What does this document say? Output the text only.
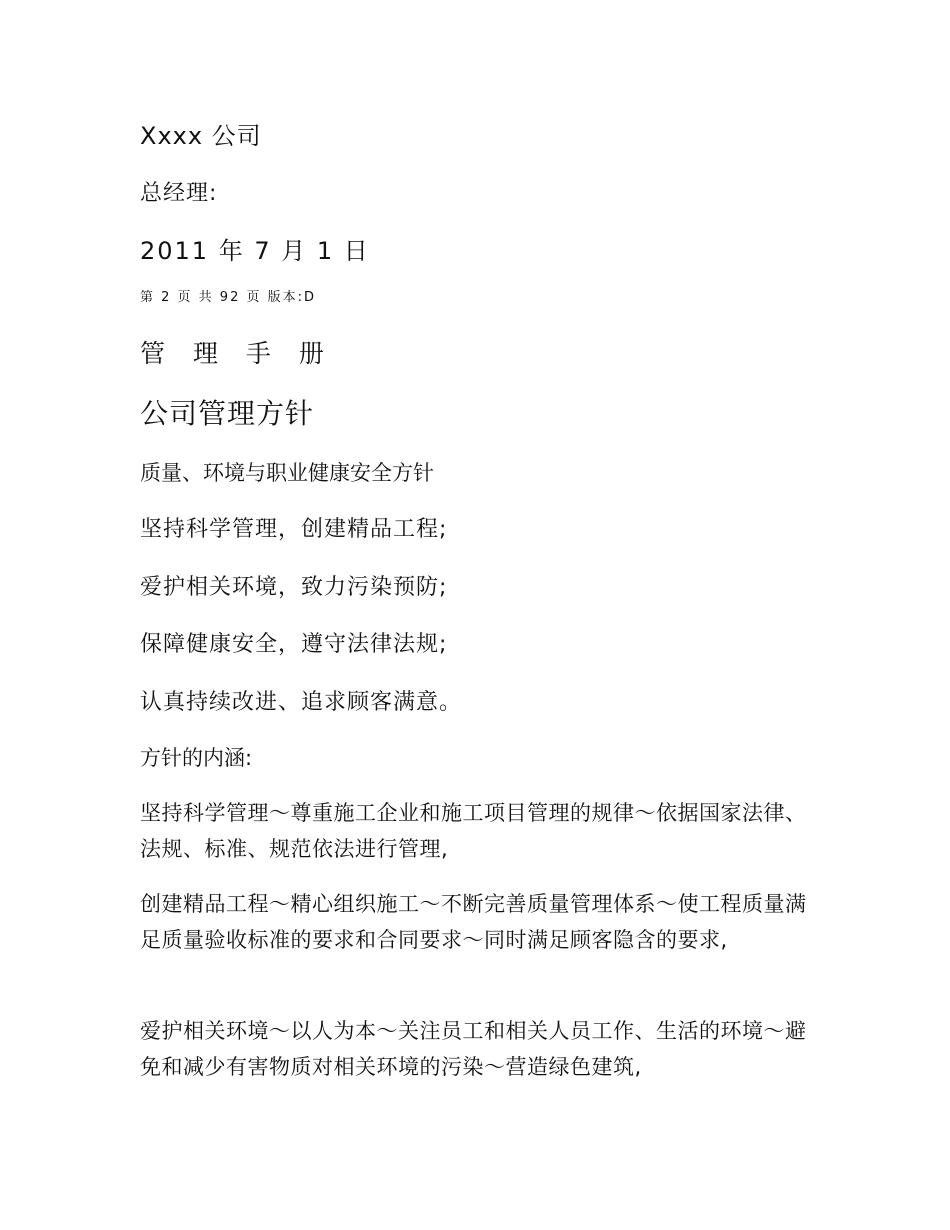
Xxxx 公司

总经理:

2011 年 7 月 1 日

第 2 页 共 92 页 版本:D

管 理 手 册

公司管理方针

质量、环境与职业健康安全方针

坚持科学管理，创建精品工程;

爱护相关环境，致力污染预防;

保障健康安全，遵守法律法规;

认真持续改进、追求顾客满意。

方针的内涵:

坚持科学管理～尊重施工企业和施工项目管理的规律～依据国家法律、法规、标准、规范依法进行管理,

创建精品工程～精心组织施工～不断完善质量管理体系～使工程质量满足质量验收标准的要求和合同要求～同时满足顾客隐含的要求,

爱护相关环境～以人为本～关注员工和相关人员工作、生活的环境～避免和减少有害物质对相关环境的污染～营造绿色建筑,
